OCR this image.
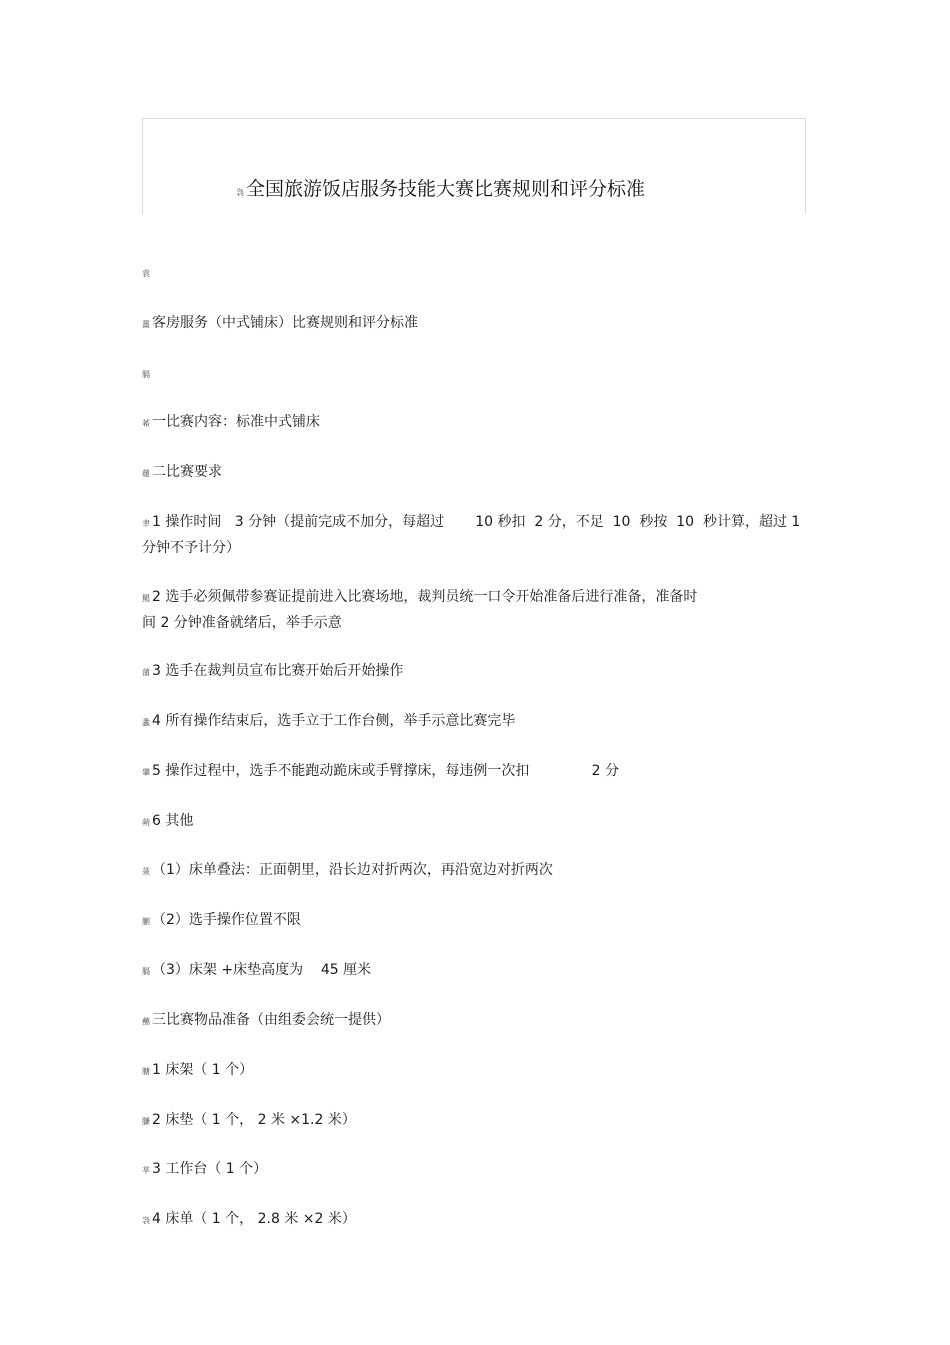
袅 全国旅游饭店服务技能大赛比赛规则和评分标准
袁
薑 客房服务（中式铺床）比赛规则和评分标准
膈
莃 一比赛内容：标准中式铺床
蕿 二比赛要求
聿 1 操作时间   3 分钟（提前完成不加分，每超过       10 秒扣  2 分，不足  10  秒按  10  秒计算，超过 1 分钟不予计分）
羆 2 选手必须佩带参赛证提前进入比赛场地，裁判员统一口令开始准备后进行准备，准备时
间 2 分钟准备就绪后，举手示意
蒲 3 选手在裁判员宣布比赛开始后开始操作
螽 4 所有操作结束后，选手立于工作台侧，举手示意比赛完毕
肇 5 操作过程中，选手不能跑动跪床或手臂撑床，每违例一次扣              2 分
蒴 6 其他
菉 （1）床单叠法：正面朝里，沿长边对折两次，再沿宽边对折两次
蒯 （2）选手操作位置不限
膈 （3）床架 +床垫高度为    45 厘米
蘸 三比赛物品准备（由组委会统一提供）
膅 1 床架（ 1 个）
膁 2 床垫（ 1 个， 2 米 ×1.2 米）
芈 3 工作台（ 1 个）
袅 4 床单（ 1 个， 2.8 米 ×2 米）
